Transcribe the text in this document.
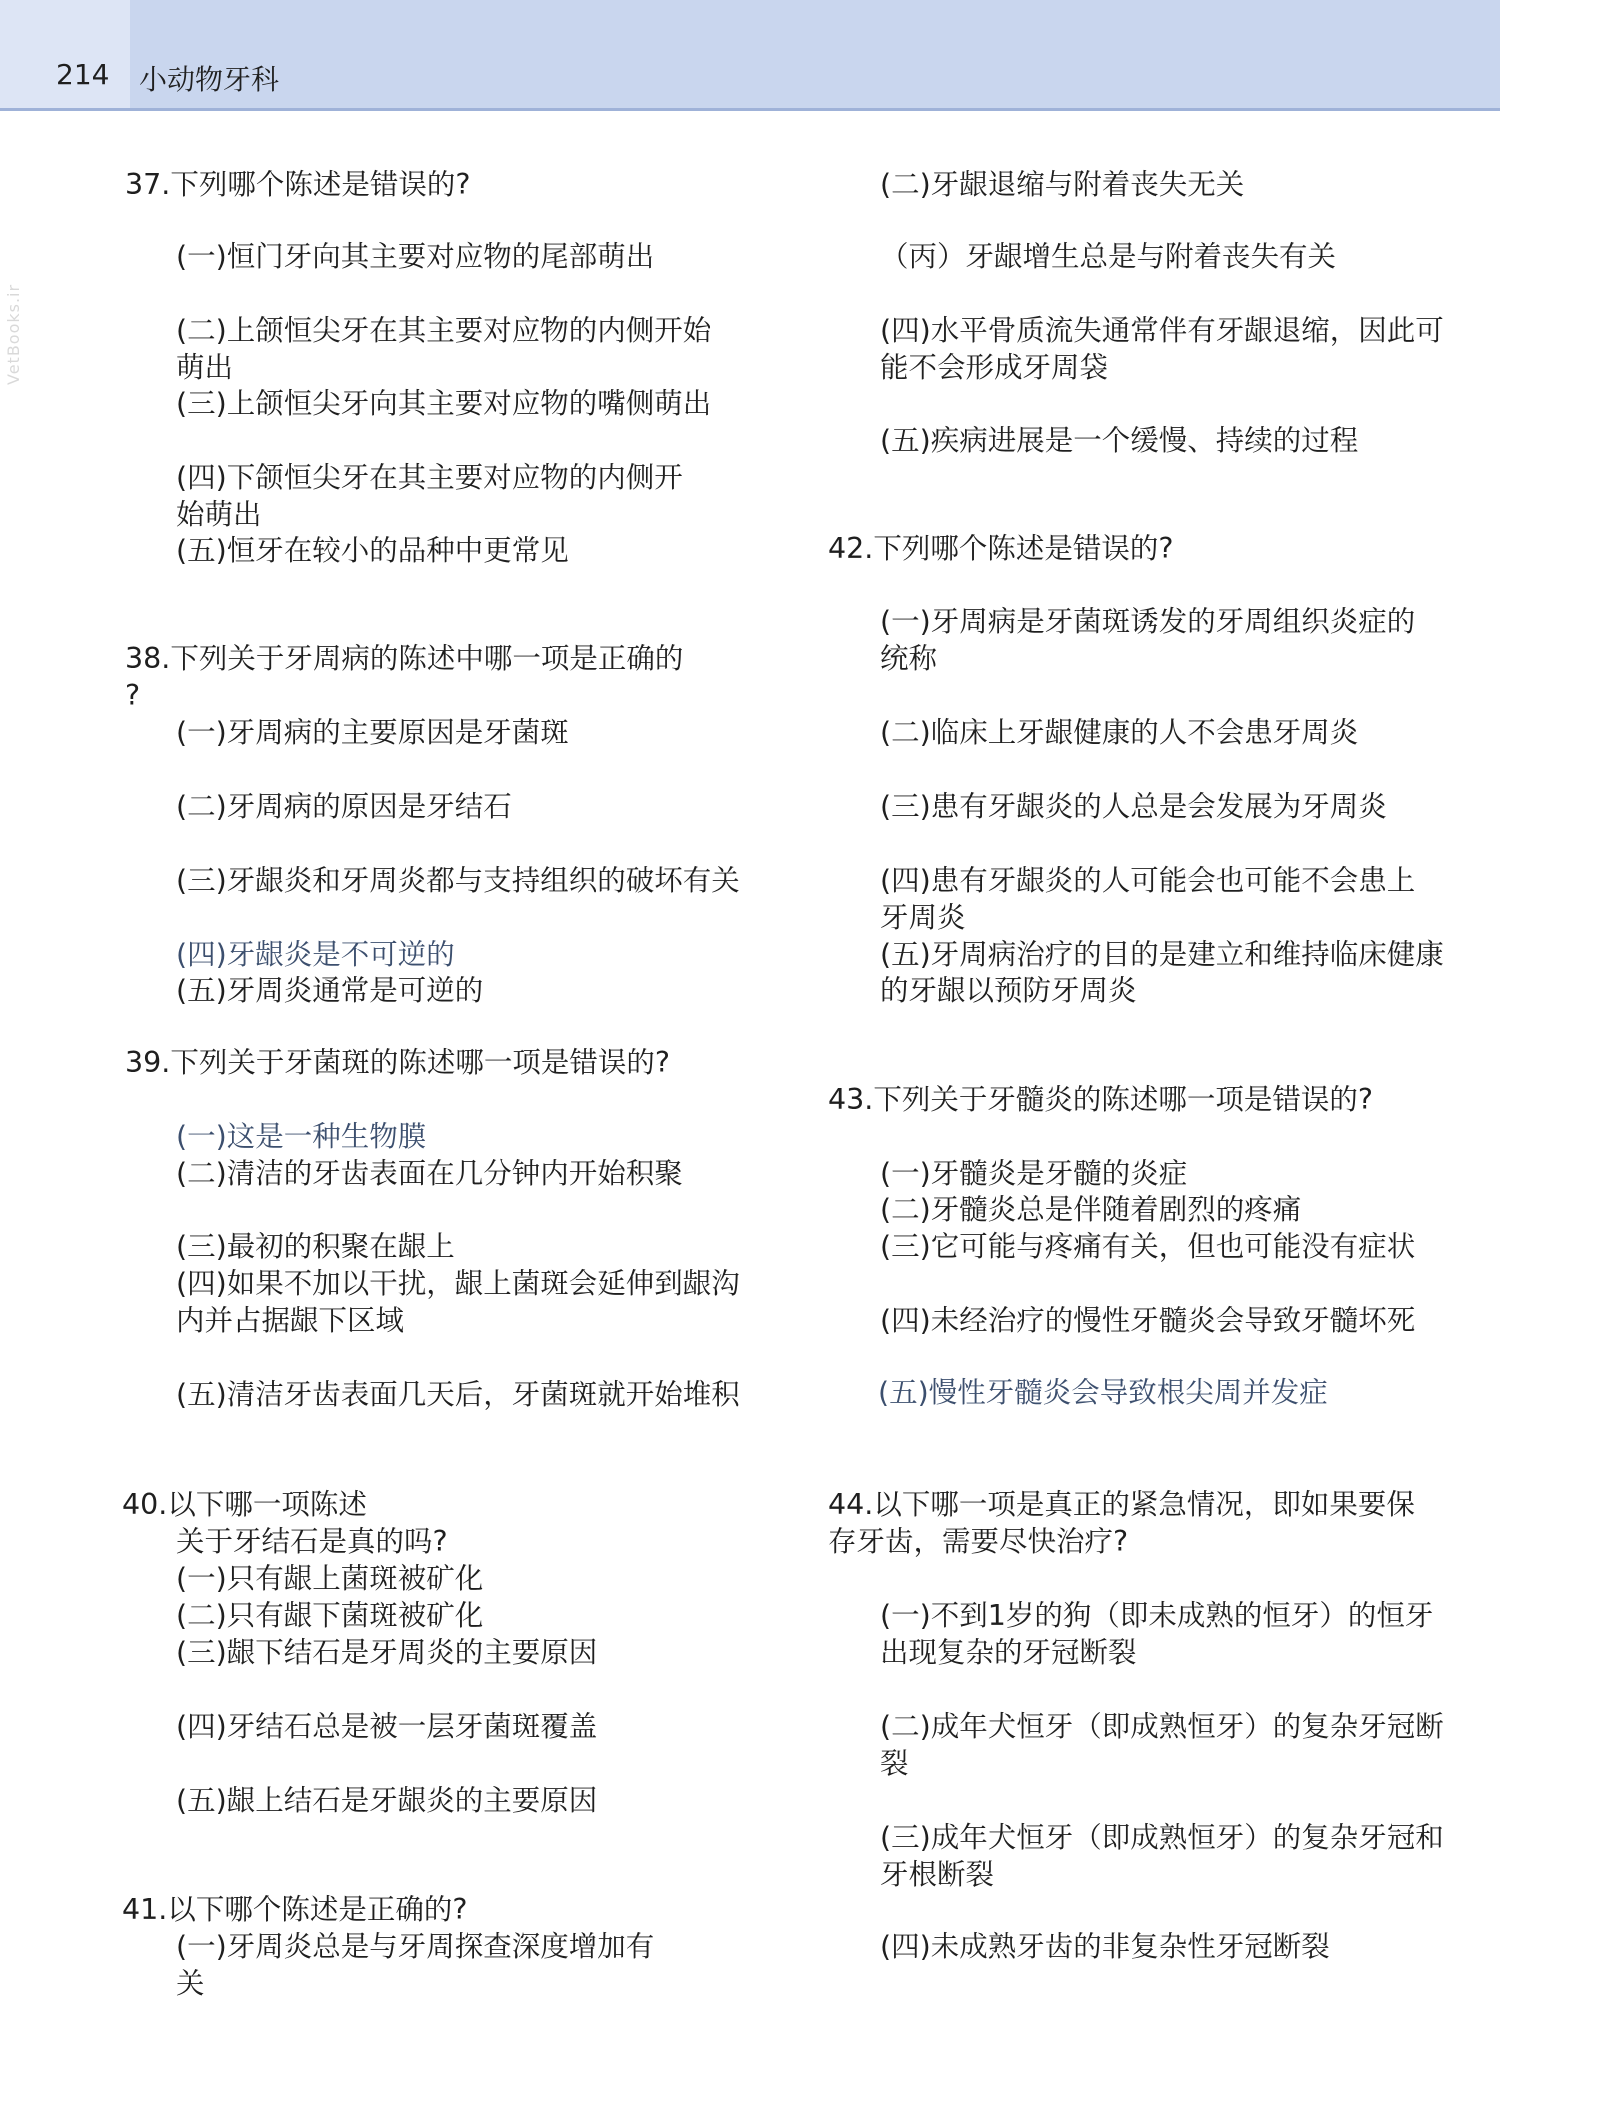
214 小动物牙科
VetBooks.ir
37.下列哪个陈述是错误的?
(一)恒门牙向其主要对应物的尾部萌出
(二)上颌恒尖牙在其主要对应物的内侧开始
萌出
(三)上颌恒尖牙向其主要对应物的嘴侧萌出
(四)下颌恒尖牙在其主要对应物的内侧开
始萌出
(五)恒牙在较小的品种中更常见
38.下列关于牙周病的陈述中哪一项是正确的
?
(一)牙周病的主要原因是牙菌斑
(二)牙周病的原因是牙结石
(三)牙龈炎和牙周炎都与支持组织的破坏有关
(四)牙龈炎是不可逆的
(五)牙周炎通常是可逆的
39.下列关于牙菌斑的陈述哪一项是错误的?
(一)这是一种生物膜
(二)清洁的牙齿表面在几分钟内开始积聚
(三)最初的积聚在龈上
(四)如果不加以干扰，龈上菌斑会延伸到龈沟
内并占据龈下区域
(五)清洁牙齿表面几天后，牙菌斑就开始堆积
40.以下哪一项陈述
关于牙结石是真的吗?
(一)只有龈上菌斑被矿化
(二)只有龈下菌斑被矿化
(三)龈下结石是牙周炎的主要原因
(四)牙结石总是被一层牙菌斑覆盖
(五)龈上结石是牙龈炎的主要原因
41.以下哪个陈述是正确的?
(一)牙周炎总是与牙周探查深度增加有
关
(二)牙龈退缩与附着丧失无关
（丙）牙龈增生总是与附着丧失有关
(四)水平骨质流失通常伴有牙龈退缩，因此可
能不会形成牙周袋
(五)疾病进展是一个缓慢、持续的过程
42.下列哪个陈述是错误的?
(一)牙周病是牙菌斑诱发的牙周组织炎症的
统称
(二)临床上牙龈健康的人不会患牙周炎
(三)患有牙龈炎的人总是会发展为牙周炎
(四)患有牙龈炎的人可能会也可能不会患上
牙周炎
(五)牙周病治疗的目的是建立和维持临床健康
的牙龈以预防牙周炎
43.下列关于牙髓炎的陈述哪一项是错误的?
(一)牙髓炎是牙髓的炎症
(二)牙髓炎总是伴随着剧烈的疼痛
(三)它可能与疼痛有关，但也可能没有症状
(四)未经治疗的慢性牙髓炎会导致牙髓坏死
(五)慢性牙髓炎会导致根尖周并发症
44.以下哪一项是真正的紧急情况，即如果要保
存牙齿，需要尽快治疗?
(一)不到1岁的狗（即未成熟的恒牙）的恒牙
出现复杂的牙冠断裂
(二)成年犬恒牙（即成熟恒牙）的复杂牙冠断
裂
(三)成年犬恒牙（即成熟恒牙）的复杂牙冠和
牙根断裂
(四)未成熟牙齿的非复杂性牙冠断裂
